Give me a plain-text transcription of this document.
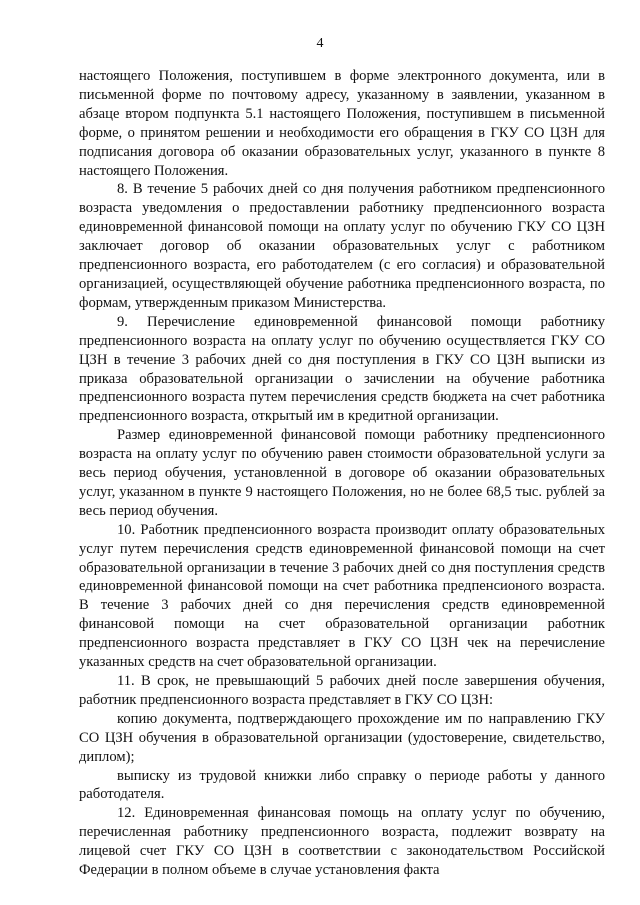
4

настоящего Положения, поступившем в форме электронного документа, или в письменной форме по почтовому адресу, указанному в заявлении, указанном в абзаце втором подпункта 5.1 настоящего Положения, поступившем в письменной форме, о принятом решении и необходимости его обращения в ГКУ СО ЦЗН для подписания договора об оказании образовательных услуг, указанного в пункте 8 настоящего Положения.

8. В течение 5 рабочих дней со дня получения работником предпенсионного возраста уведомления о предоставлении работнику предпенсионного возраста единовременной финансовой помощи на оплату услуг по обучению ГКУ СО ЦЗН заключает договор об оказании образовательных услуг с работником предпенсионного возраста, его работодателем (с его согласия) и образовательной организацией, осуществляющей обучение работника предпенсионного возраста, по формам, утвержденным приказом Министерства.

9. Перечисление единовременной финансовой помощи работнику предпенсионного возраста на оплату услуг по обучению осуществляется ГКУ СО ЦЗН в течение 3 рабочих дней со дня поступления в ГКУ СО ЦЗН выписки из приказа образовательной организации о зачислении на обучение работника предпенсионного возраста путем перечисления средств бюджета на счет работника предпенсионного возраста, открытый им в кредитной организации.

Размер единовременной финансовой помощи работнику предпенсионного возраста на оплату услуг по обучению равен стоимости образовательной услуги за весь период обучения, установленной в договоре об оказании образовательных услуг, указанном в пункте 9 настоящего Положения, но не более 68,5 тыс. рублей за весь период обучения.

10. Работник предпенсионного возраста производит оплату образовательных услуг путем перечисления средств единовременной финансовой помощи на счет образовательной организации в течение 3 рабочих дней со дня поступления средств единовременной финансовой помощи на счет работника предпенсионого возраста. В течение 3 рабочих дней со дня перечисления средств единовременной финансовой помощи на счет образовательной организации работник предпенсионного возраста представляет в ГКУ СО ЦЗН чек на перечисление указанных средств на счет образовательной организации.

11. В срок, не превышающий 5 рабочих дней после завершения обучения, работник предпенсионного возраста представляет в ГКУ СО ЦЗН:

копию документа, подтверждающего прохождение им по направлению ГКУ СО ЦЗН обучения в образовательной организации (удостоверение, свидетельство, диплом);

выписку из трудовой книжки либо справку о периоде работы у данного работодателя.

12. Единовременная финансовая помощь на оплату услуг по обучению, перечисленная работнику предпенсионного возраста, подлежит возврату на лицевой счет ГКУ СО ЦЗН в соответствии с законодательством Российской Федерации в полном объеме в случае установления факта
